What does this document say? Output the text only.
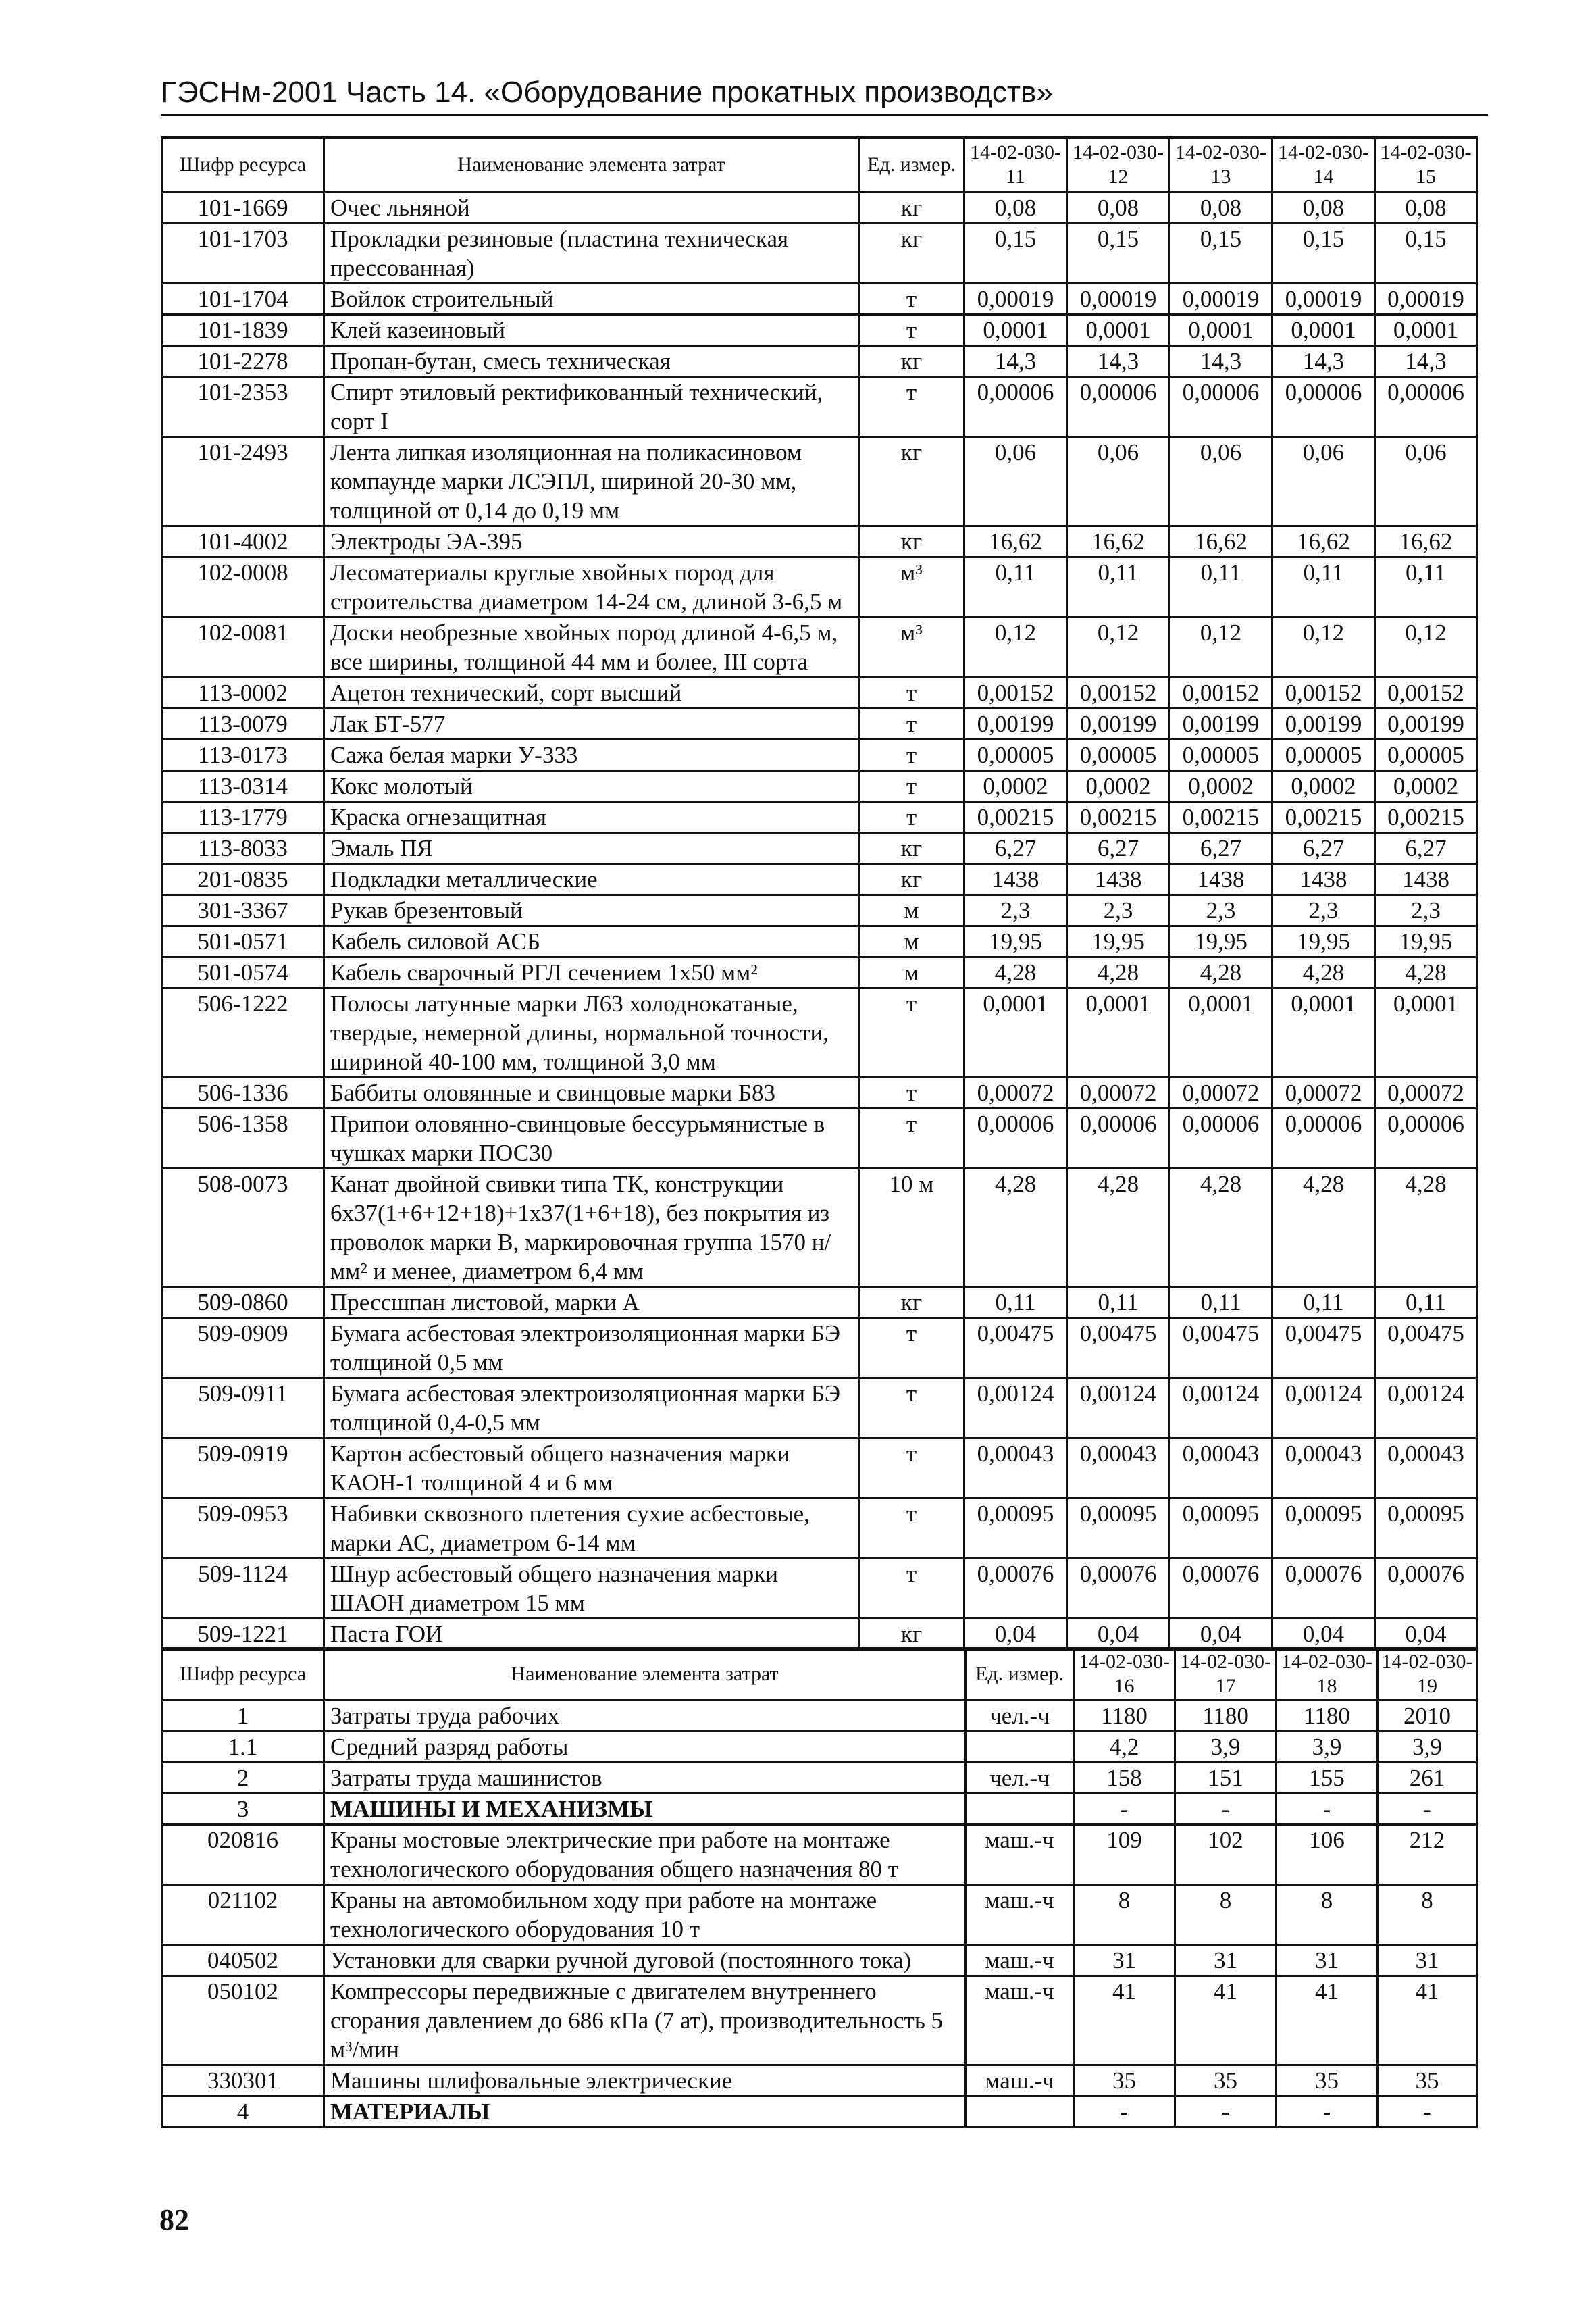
ГЭСНм-2001 Часть 14. «Оборудование прокатных производств»
Шифр ресурса	Наименование элемента затрат	Ед. измер.	14-02-030-11	14-02-030-12	14-02-030-13	14-02-030-14	14-02-030-15
101-1669	Очес льняной	кг	0,08	0,08	0,08	0,08	0,08
101-1703	Прокладки резиновые (пластина техническая прессованная)	кг	0,15	0,15	0,15	0,15	0,15
101-1704	Войлок строительный	т	0,00019	0,00019	0,00019	0,00019	0,00019
101-1839	Клей казеиновый	т	0,0001	0,0001	0,0001	0,0001	0,0001
101-2278	Пропан-бутан, смесь техническая	кг	14,3	14,3	14,3	14,3	14,3
101-2353	Спирт этиловый ректификованный технический, сорт I	т	0,00006	0,00006	0,00006	0,00006	0,00006
101-2493	Лента липкая изоляционная на поликасиновом компаунде марки ЛСЭПЛ, шириной 20-30 мм, толщиной от 0,14 до 0,19 мм	кг	0,06	0,06	0,06	0,06	0,06
101-4002	Электроды ЭА-395	кг	16,62	16,62	16,62	16,62	16,62
102-0008	Лесоматериалы круглые хвойных пород для строительства диаметром 14-24 см, длиной 3-6,5 м	м³	0,11	0,11	0,11	0,11	0,11
102-0081	Доски необрезные хвойных пород длиной 4-6,5 м, все ширины, толщиной 44 мм и более, III сорта	м³	0,12	0,12	0,12	0,12	0,12
113-0002	Ацетон технический, сорт высший	т	0,00152	0,00152	0,00152	0,00152	0,00152
113-0079	Лак БТ-577	т	0,00199	0,00199	0,00199	0,00199	0,00199
113-0173	Сажа белая марки У-333	т	0,00005	0,00005	0,00005	0,00005	0,00005
113-0314	Кокс молотый	т	0,0002	0,0002	0,0002	0,0002	0,0002
113-1779	Краска огнезащитная	т	0,00215	0,00215	0,00215	0,00215	0,00215
113-8033	Эмаль ПЯ	кг	6,27	6,27	6,27	6,27	6,27
201-0835	Подкладки металлические	кг	1438	1438	1438	1438	1438
301-3367	Рукав брезентовый	м	2,3	2,3	2,3	2,3	2,3
501-0571	Кабель силовой АСБ	м	19,95	19,95	19,95	19,95	19,95
501-0574	Кабель сварочный РГЛ сечением 1х50 мм²	м	4,28	4,28	4,28	4,28	4,28
506-1222	Полосы латунные марки Л63 холоднокатаные, твердые, немерной длины, нормальной точности, шириной 40-100 мм, толщиной 3,0 мм	т	0,0001	0,0001	0,0001	0,0001	0,0001
506-1336	Баббиты оловянные и свинцовые марки Б83	т	0,00072	0,00072	0,00072	0,00072	0,00072
506-1358	Припои оловянно-свинцовые бессурьмянистые в чушках марки ПОС30	т	0,00006	0,00006	0,00006	0,00006	0,00006
508-0073	Канат двойной свивки типа ТК, конструкции 6х37(1+6+12+18)+1х37(1+6+18), без покрытия из проволок марки В, маркировочная группа 1570 н/мм² и менее, диаметром 6,4 мм	10 м	4,28	4,28	4,28	4,28	4,28
509-0860	Прессшпан листовой, марки А	кг	0,11	0,11	0,11	0,11	0,11
509-0909	Бумага асбестовая электроизоляционная марки БЭ толщиной 0,5 мм	т	0,00475	0,00475	0,00475	0,00475	0,00475
509-0911	Бумага асбестовая электроизоляционная марки БЭ толщиной 0,4-0,5 мм	т	0,00124	0,00124	0,00124	0,00124	0,00124
509-0919	Картон асбестовый общего назначения марки КАОН-1 толщиной 4 и 6 мм	т	0,00043	0,00043	0,00043	0,00043	0,00043
509-0953	Набивки сквозного плетения сухие асбестовые, марки АС, диаметром 6-14 мм	т	0,00095	0,00095	0,00095	0,00095	0,00095
509-1124	Шнур асбестовый общего назначения марки ШАОН диаметром 15 мм	т	0,00076	0,00076	0,00076	0,00076	0,00076
509-1221	Паста ГОИ	кг	0,04	0,04	0,04	0,04	0,04
Шифр ресурса	Наименование элемента затрат	Ед. измер.	14-02-030-16	14-02-030-17	14-02-030-18	14-02-030-19
1	Затраты труда рабочих	чел.-ч	1180	1180	1180	2010
1.1	Средний разряд работы		4,2	3,9	3,9	3,9
2	Затраты труда машинистов	чел.-ч	158	151	155	261
3	МАШИНЫ И МЕХАНИЗМЫ		-	-	-	-
020816	Краны мостовые электрические при работе на монтаже технологического оборудования общего назначения 80 т	маш.-ч	109	102	106	212
021102	Краны на автомобильном ходу при работе на монтаже технологического оборудования 10 т	маш.-ч	8	8	8	8
040502	Установки для сварки ручной дуговой (постоянного тока)	маш.-ч	31	31	31	31
050102	Компрессоры передвижные с двигателем внутреннего сгорания давлением до 686 кПа (7 ат), производительность 5 м³/мин	маш.-ч	41	41	41	41
330301	Машины шлифовальные электрические	маш.-ч	35	35	35	35
4	МАТЕРИАЛЫ		-	-	-	-
82
